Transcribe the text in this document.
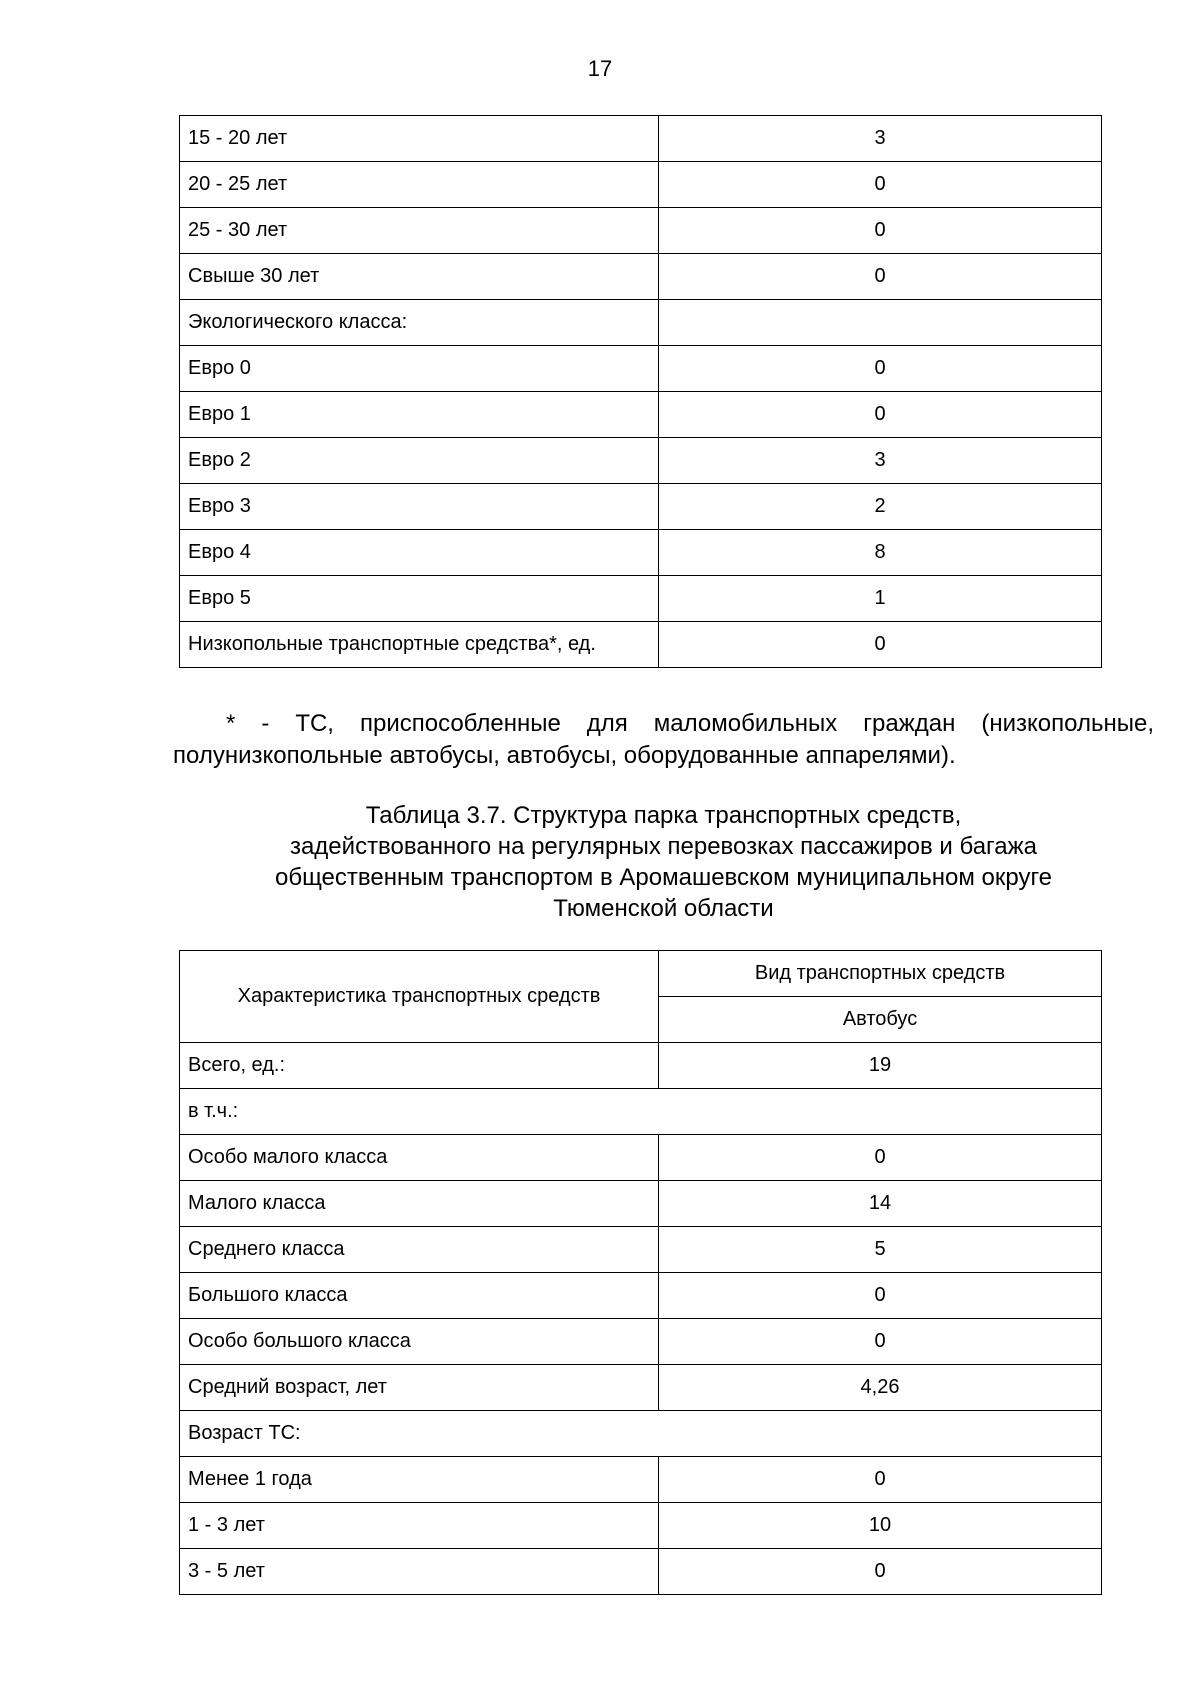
17
15 - 20 лет	3
20 - 25 лет	0
25 - 30 лет	0
Свыше 30 лет	0
Экологического класса:	
Евро 0	0
Евро 1	0
Евро 2	3
Евро 3	2
Евро 4	8
Евро 5	1
Низкопольные транспортные средства*, ед.	0
* - ТС, приспособленные для маломобильных граждан (низкопольные, полунизкопольные автобусы, автобусы, оборудованные аппарелями).
Таблица 3.7. Структура парка транспортных средств,
задействованного на регулярных перевозках пассажиров и багажа
общественным транспортом в Аромашевском муниципальном округе
Тюменской области
Характеристика транспортных средств	Вид транспортных средств
	Автобус
Всего, ед.:	19
в т.ч.:	
Особо малого класса	0
Малого класса	14
Среднего класса	5
Большого класса	0
Особо большого класса	0
Средний возраст, лет	4,26
Возраст ТС:	
Менее 1 года	0
1 - 3 лет	10
3 - 5 лет	0
